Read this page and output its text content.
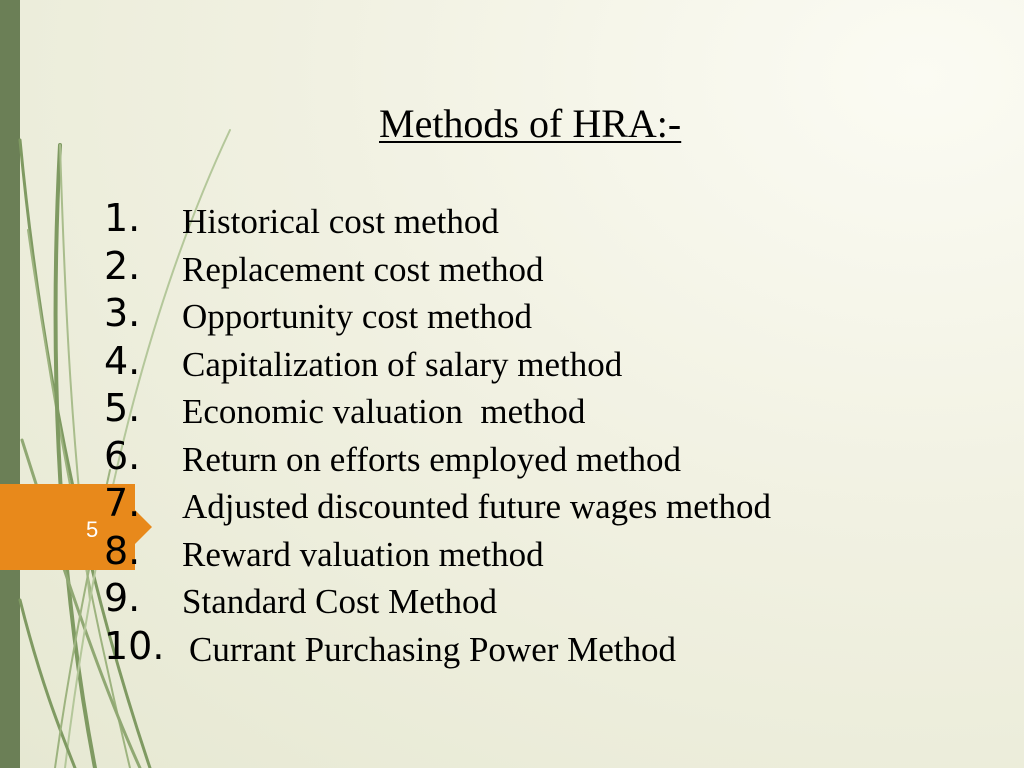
5
Methods of HRA:-
1. Historical cost method
2. Replacement cost method
3. Opportunity cost method
4. Capitalization of salary method
5. Economic valuation  method
6. Return on efforts employed method
7. Adjusted discounted future wages method
8. Reward valuation method
9. Standard Cost Method
10. Currant Purchasing Power Method
